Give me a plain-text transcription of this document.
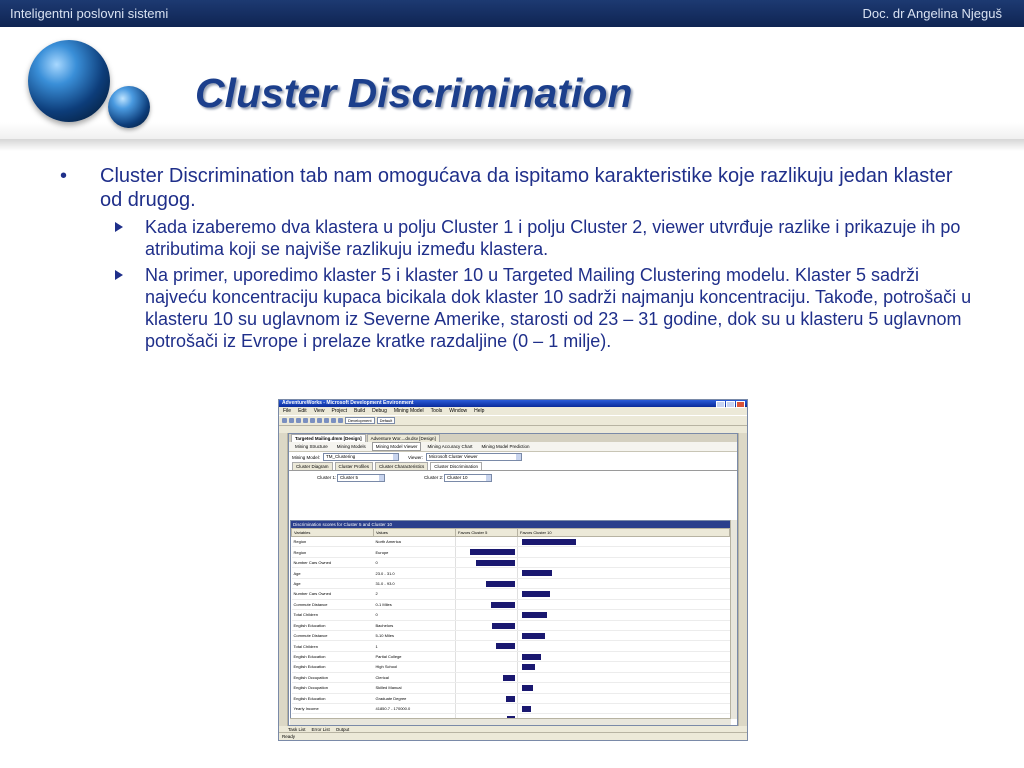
Inteligentni poslovni sistemi	Doc. dr Angelina Njeguš
Cluster Discrimination
• Cluster Discrimination tab nam omogućava da ispitamo karakteristike koje razlikuju jedan klaster od drugog.
Kada izaberemo dva klastera u polju Cluster 1 i polju Cluster 2, viewer utvrđuje razlike i prikazuje ih po atributima koji se najviše razlikuju između klastera.
Na primer, uporedimo klaster 5 i klaster 10 u Targeted Mailing Clustering modelu. Klaster 5 sadrži najveću koncentraciju kupaca bicikala dok klaster 10 sadrži najmanju koncentraciju. Takođe, potrošači u klasteru 10 su uglavnom iz Severne Amerike, starosti od 23 – 31 godine, dok su u klasteru 5 uglavnom potrošači iz Evrope i prelaze kratke razdaljine (0 – 1 milje).
AdventureWorks - Microsoft Development Environment
File Edit View Project Build Debug Mining Model Tools Window Help
Development	Default
Targeted Mailing.dmm [Design]	Adventure Wor....dv.dsv [Design]
Mining Structure	Mining Models	Mining Model Viewer	Mining Accuracy Chart	Mining Model Prediction
Mining Model:	TM_Clustering	Viewer:	Microsoft Cluster Viewer
Cluster Diagram	Cluster Profiles	Cluster Characteristics	Cluster Discrimination
Cluster 1: Cluster 5	Cluster 2: Cluster 10
Discrimination scores for Cluster 5 and Cluster 10
Variables	Values	Favors Cluster 5	Favors Cluster 10
Region	North America		

Region	Europe	

Number Cars Owned	0	

Age	23.0 - 31.0		

Age	31.0 - 93.0	

Number Cars Owned	2		

Commute Distance	0-1 Miles	

Total Children	0		

English Education	Bachelors	

Commute Distance	5-10 Miles		

Total Children	1	

English Education	Partial College		

English Education	High School		

English Occupation	Clerical	

English Occupation	Skilled Manual		

English Education	Graduate Degree	

Yearly Income	41850.7 - 170000.0		

Task List Error List Output
Ready
